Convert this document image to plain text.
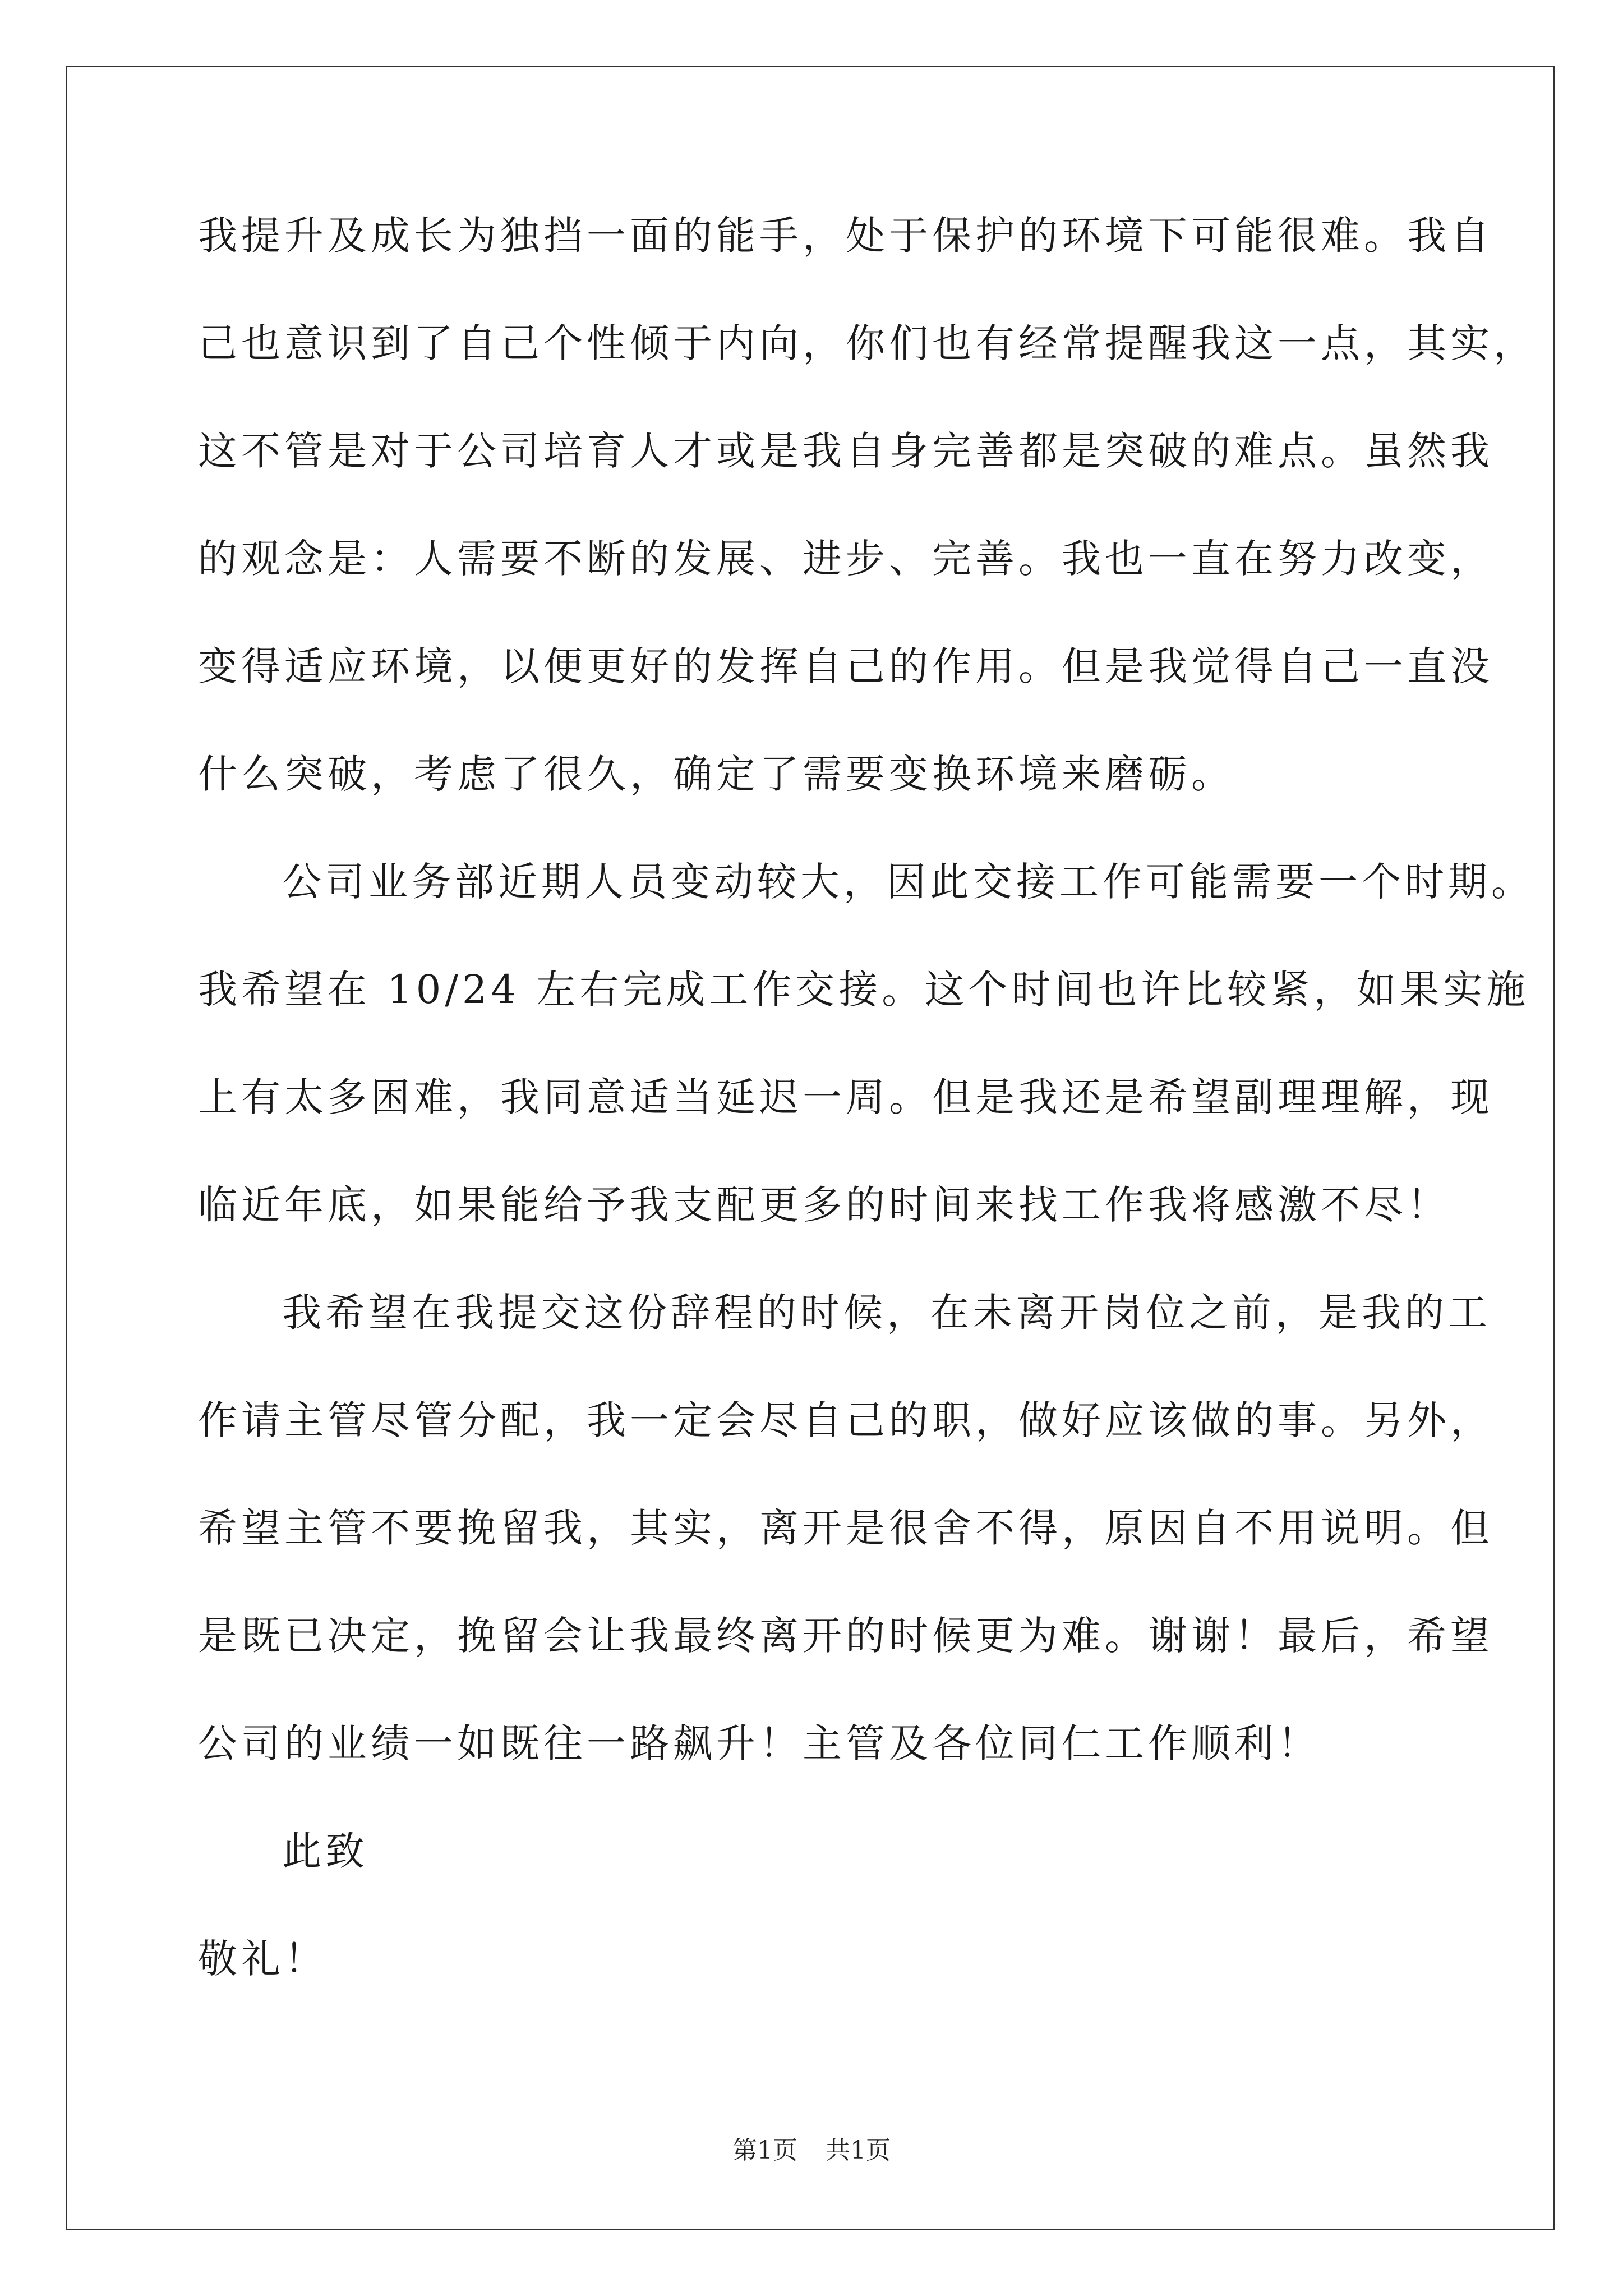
我提升及成长为独挡一面的能手，处于保护的环境下可能很难。我自
己也意识到了自己个性倾于内向，你们也有经常提醒我这一点，其实，
这不管是对于公司培育人才或是我自身完善都是突破的难点。虽然我
的观念是：人需要不断的发展、进步、完善。我也一直在努力改变，
变得适应环境，以便更好的发挥自己的作用。但是我觉得自己一直没
什么突破，考虑了很久，确定了需要变换环境来磨砺。
公司业务部近期人员变动较大，因此交接工作可能需要一个时期。
我希望在 10/24 左右完成工作交接。这个时间也许比较紧，如果实施
上有太多困难，我同意适当延迟一周。但是我还是希望副理理解，现
临近年底，如果能给予我支配更多的时间来找工作我将感激不尽！
我希望在我提交这份辞程的时候，在未离开岗位之前，是我的工
作请主管尽管分配，我一定会尽自己的职，做好应该做的事。另外，
希望主管不要挽留我，其实，离开是很舍不得，原因自不用说明。但
是既已决定，挽留会让我最终离开的时候更为难。谢谢！最后，希望
公司的业绩一如既往一路飙升！主管及各位同仁工作顺利！
此致
敬礼！
第1页 共1页
